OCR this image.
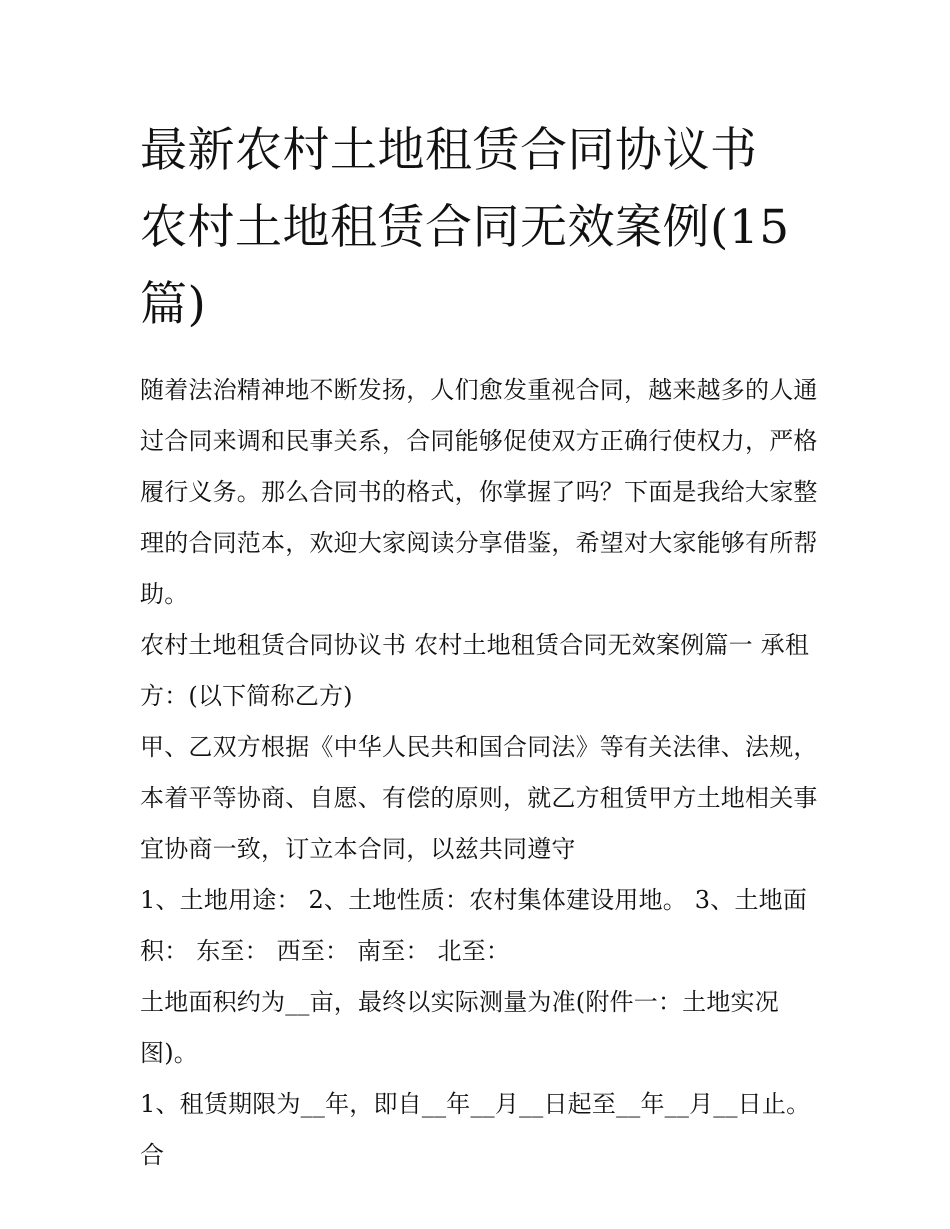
最新农村土地租赁合同协议书
农村土地租赁合同无效案例(15
篇)

随着法治精神地不断发扬，人们愈发重视合同，越来越多的人通过合同来调和民事关系，合同能够促使双方正确行使权力，严格履行义务。那么合同书的格式，你掌握了吗？下面是我给大家整理的合同范本，欢迎大家阅读分享借鉴，希望对大家能够有所帮助。

农村土地租赁合同协议书 农村土地租赁合同无效案例篇一 承租方：(以下简称乙方)

甲、乙双方根据《中华人民共和国合同法》等有关法律、法规，本着平等协商、自愿、有偿的原则，就乙方租赁甲方土地相关事宜协商一致，订立本合同，以兹共同遵守

1、土地用途： 2、土地性质：农村集体建设用地。 3、土地面积： 东至： 西至： 南至： 北至：

土地面积约为__亩，最终以实际测量为准(附件一：土地实况图)。

1、租赁期限为__年，即自__年__月__日起至__年__月__日止。合
